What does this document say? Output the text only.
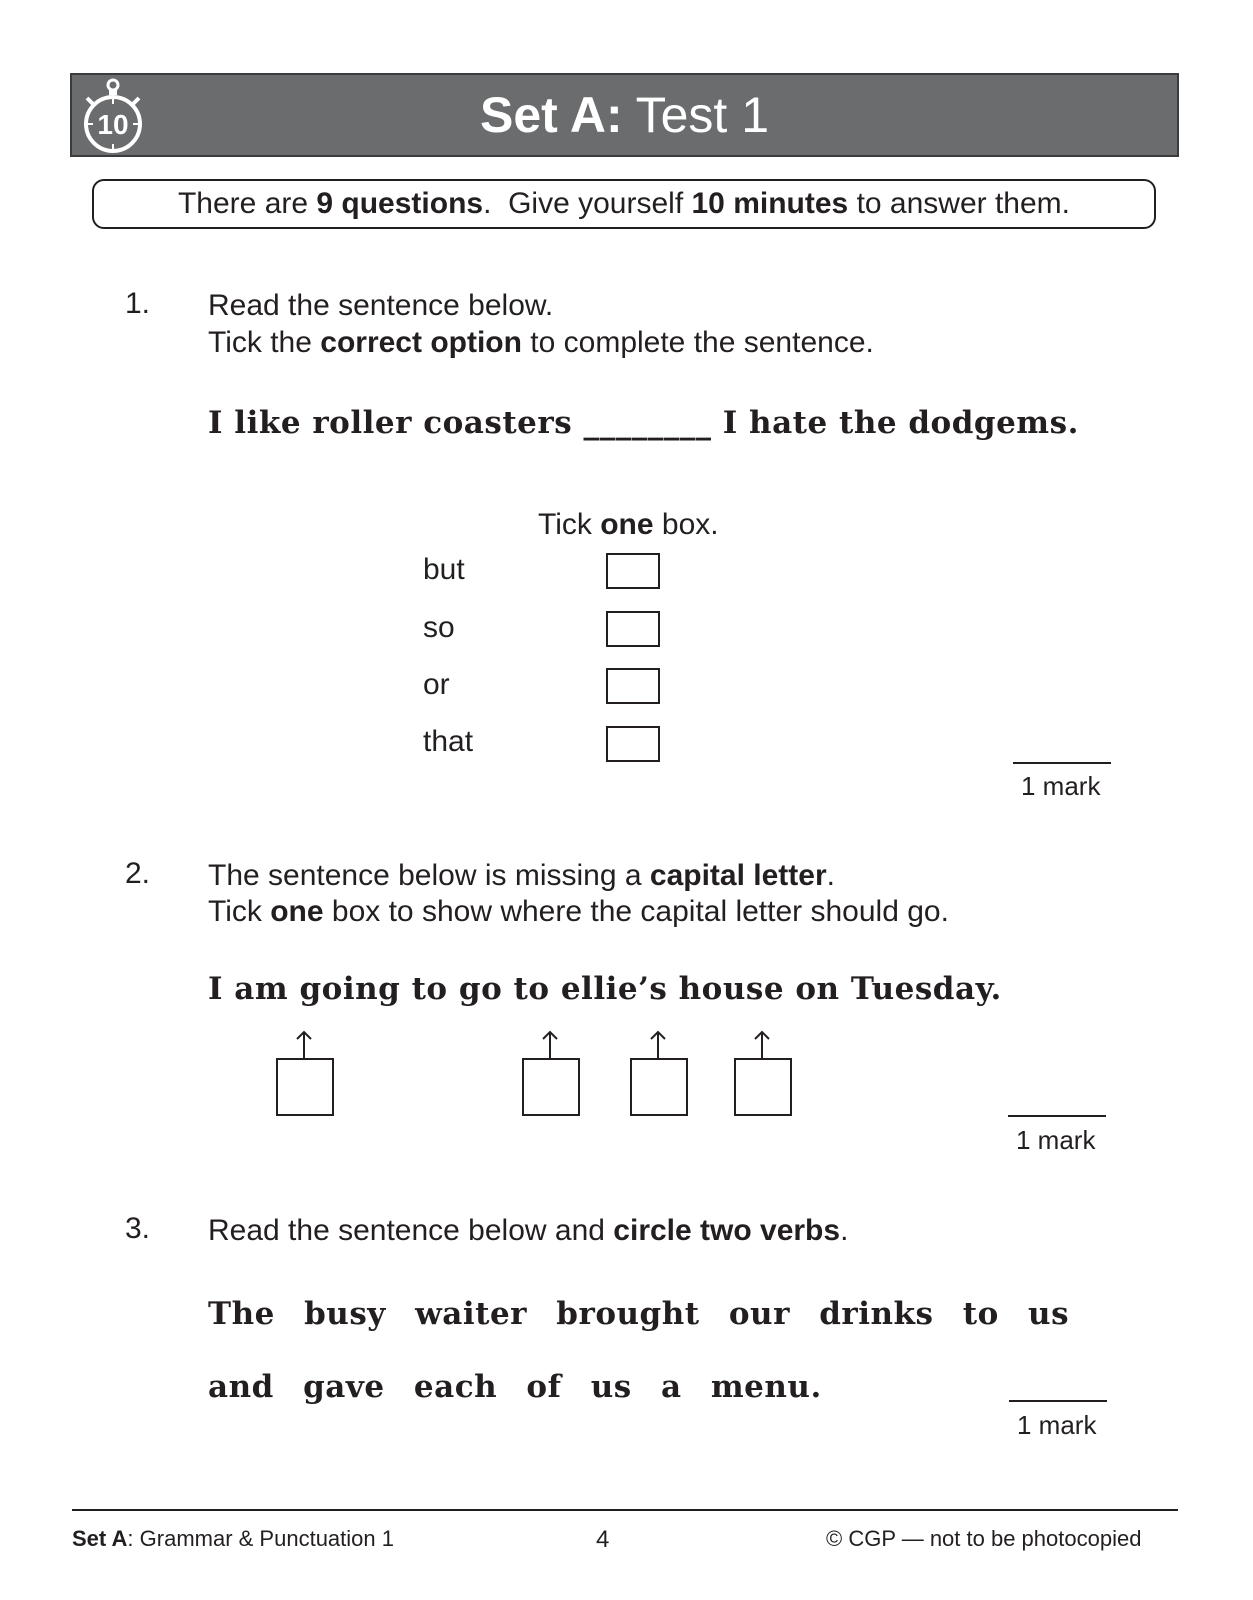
10	Set A: Test 1
There are 9 questions .  Give yourself 10 minutes to answer them.
1. Read the sentence below.
Tick the correct option to complete the sentence.
I like roller coasters ________ I hate the dodgems.
Tick one box.
but
so
or
that
1 mark
2. The sentence below is missing a capital letter.
Tick one box to show where the capital letter should go.
I am going to go to ellie’s house on Tuesday.
1 mark
3. Read the sentence below and circle two verbs.
The busy waiter brought our drinks to us
and gave each of us a menu.
1 mark
Set A: Grammar & Punctuation 1	4	© CGP — not to be photocopied
